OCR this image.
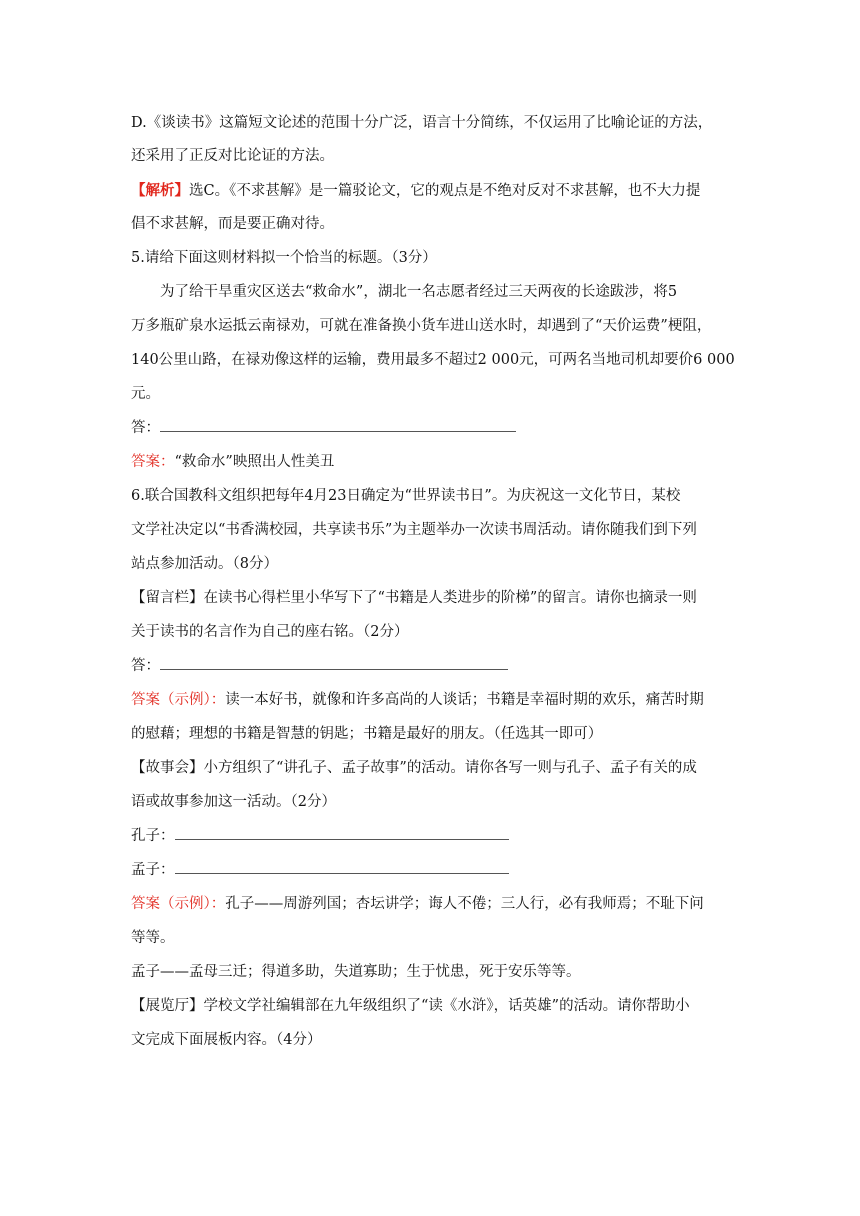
D.《谈读书》这篇短文论述的范围十分广泛，语言十分简练，不仅运用了比喻论证的方法，
还采用了正反对比论证的方法。
【解析】选C。《不求甚解》是一篇驳论文，它的观点是不绝对反对不求甚解，也不大力提
倡不求甚解，而是要正确对待。
5.请给下面这则材料拟一个恰当的标题。（3分）
为了给干旱重灾区送去“救命水”，湖北一名志愿者经过三天两夜的长途跋涉，将5
万多瓶矿泉水运抵云南禄劝，可就在准备换小货车进山送水时，却遇到了“天价运费”梗阻，
140公里山路，在禄劝像这样的运输，费用最多不超过2 000元，可两名当地司机却要价6 000
元。
答：
答案：“救命水”映照出人性美丑
6.联合国教科文组织把每年4月23日确定为“世界读书日”。为庆祝这一文化节日，某校
文学社决定以“书香满校园，共享读书乐”为主题举办一次读书周活动。请你随我们到下列
站点参加活动。（8分）
【留言栏】在读书心得栏里小华写下了“书籍是人类进步的阶梯”的留言。请你也摘录一则
关于读书的名言作为自己的座右铭。（2分）
答：
答案（示例）：读一本好书，就像和许多高尚的人谈话；书籍是幸福时期的欢乐，痛苦时期
的慰藉；理想的书籍是智慧的钥匙；书籍是最好的朋友。（任选其一即可）
【故事会】小方组织了“讲孔子、孟子故事”的活动。请你各写一则与孔子、孟子有关的成
语或故事参加这一活动。（2分）
孔子：
孟子：
答案（示例）：孔子——周游列国；杏坛讲学；诲人不倦；三人行，必有我师焉；不耻下问
等等。
孟子——孟母三迁；得道多助，失道寡助；生于忧患，死于安乐等等。
【展览厅】学校文学社编辑部在九年级组织了“读《水浒》，话英雄”的活动。请你帮助小
文完成下面展板内容。（4分）
